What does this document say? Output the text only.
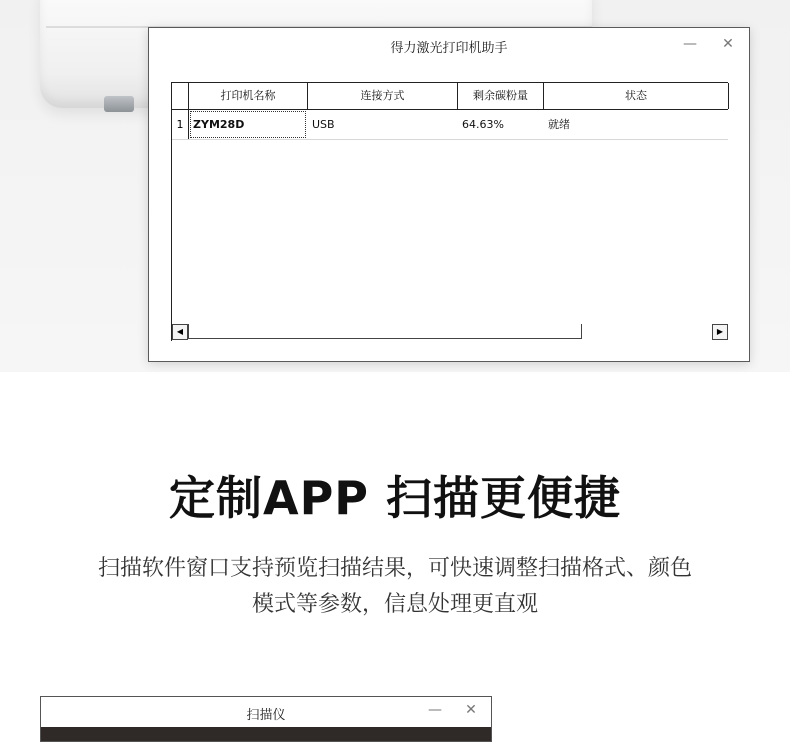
得力激光打印机助手	— ✕
打印机名称	连接方式	剩余碳粉量	状态
1 ZYM28D	USB	64.63%	就绪
◀	▶
定制APP 扫描更便捷
扫描软件窗口支持预览扫描结果，可快速调整扫描格式、颜色
模式等参数，信息处理更直观
扫描仪	— ✕
